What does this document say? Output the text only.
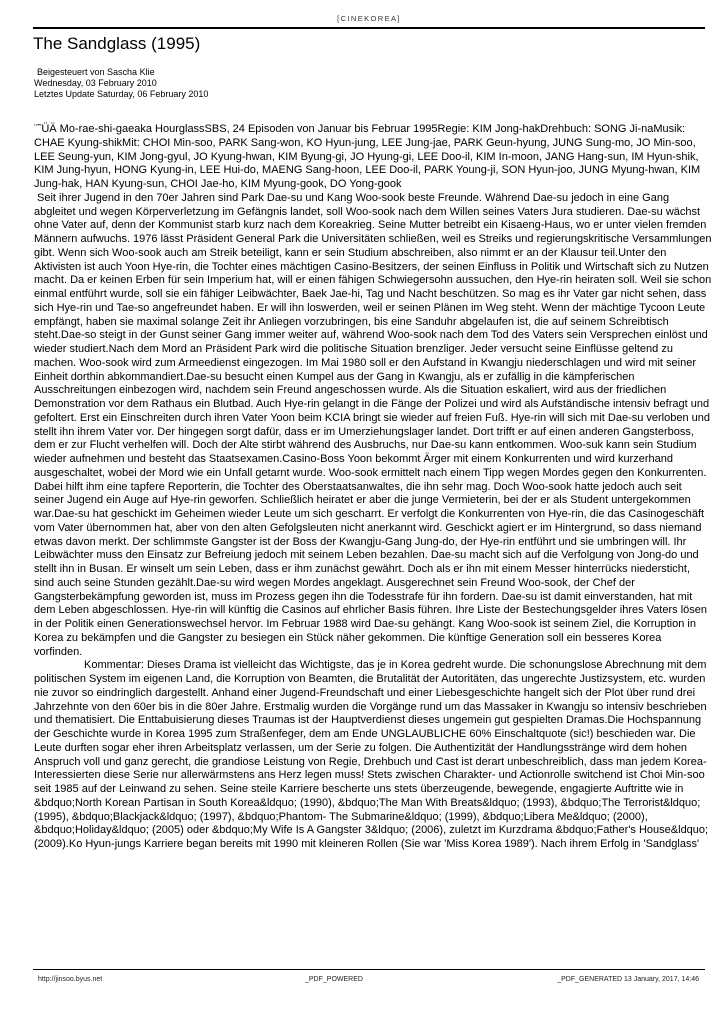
[CINEKOREA]
The Sandglass (1995)
Beigesteuert von Sascha Klie
Wednesday, 03 February 2010
Letztes Update Saturday, 06 February 2010

¨˜ÜÄ Mo-rae-shi-gaeaka HourglassSBS, 24 Episoden von Januar bis Februar 1995Regie: KIM Jong-hakDrehbuch: SONG Ji-naMusik: CHAE Kyung-shikMit: CHOI Min-soo, PARK Sang-won, KO Hyun-jung, LEE Jung-jae, PARK Geun-hyung, JUNG Sung-mo, JO Min-soo, LEE Seung-yun, KIM Jong-gyul, JO Kyung-hwan, KIM Byung-gi, JO Hyung-gi, LEE Doo-il, KIM In-moon, JANG Hang-sun, IM Hyun-shik, KIM Jung-hyun, HONG Kyung-in, LEE Hui-do, MAENG Sang-hoon, LEE Doo-il, PARK Young-ji, SON Hyun-joo, JUNG Myung-hwan, KIM Jung-hak, HAN Kyung-sun, CHOI Jae-ho, KIM Myung-gook, DO Yong-gook

Seit ihrer Jugend in den 70er Jahren sind Park Dae-su und Kang Woo-sook beste Freunde. Während Dae-su jedoch in eine Gang abgleitet und wegen Körperverletzung im Gefängnis landet, soll Woo-sook nach dem Willen seines Vaters Jura studieren. Dae-su wächst ohne Vater auf, denn der Kommunist starb kurz nach dem Koreakrieg. Seine Mutter betreibt ein Kisaeng-Haus, wo er unter vielen fremden Männern aufwuchs. 1976 lässt Präsident General Park die Universitäten schließen, weil es Streiks und regierungskritische Versammlungen gibt. Wenn sich Woo-sook auch am Streik beteiligt, kann er sein Studium abschreiben, also nimmt er an der Klausur teil.Unter den Aktivisten ist auch Yoon Hye-rin, die Tochter eines mächtigen Casino-Besitzers, der seinen Einfluss in Politik und Wirtschaft sich zu Nutzen macht. Da er keinen Erben für sein Imperium hat, will er einen fähigen Schwiegersohn aussuchen, den Hye-rin heiraten soll. Weil sie schon einmal entführt wurde, soll sie ein fähiger Leibwächter, Baek Jae-hi, Tag und Nacht beschützen. So mag es ihr Vater gar nicht sehen, dass sich Hye-rin und Tae-so angefreundet haben. Er will ihn loswerden, weil er seinen Plänen im Weg steht. Wenn der mächtige Tycoon Leute empfängt, haben sie maximal solange Zeit ihr Anliegen vorzubringen, bis eine Sanduhr abgelaufen ist, die auf seinem Schreibtisch steht.Dae-so steigt in der Gunst seiner Gang immer weiter auf, während Woo-sook nach dem Tod des Vaters sein Versprechen einlöst und wieder studiert.Nach dem Mord an Präsident Park wird die politische Situation brenzliger. Jeder versucht seine Einflüsse geltend zu machen. Woo-sook wird zum Armeedienst eingezogen. Im Mai 1980 soll er den Aufstand in Kwangju niederschlagen und wird mit seiner Einheit dorthin abkommandiert.Dae-su besucht einen Kumpel aus der Gang in Kwangju, als er zufällig in die kämpferischen Ausschreitungen einbezogen wird, nachdem sein Freund angeschossen wurde. Als die Situation eskaliert, wird aus der friedlichen Demonstration vor dem Rathaus ein Blutbad. Auch Hye-rin gelangt in die Fänge der Polizei und wird als Aufständische intensiv befragt und gefoltert. Erst ein Einschreiten durch ihren Vater Yoon beim KCIA bringt sie wieder auf freien Fuß. Hye-rin will sich mit Dae-su verloben und stellt ihn ihrem Vater vor. Der hingegen sorgt dafür, dass er im Umerziehungslager landet. Dort trifft er auf einen anderen Gangsterboss, dem er zur Flucht verhelfen will. Doch der Alte stirbt während des Ausbruchs, nur Dae-su kann entkommen. Woo-suk kann sein Studium wieder aufnehmen und besteht das Staatsexamen.Casino-Boss Yoon bekommt Ärger mit einem Konkurrenten und wird kurzerhand ausgeschaltet, wobei der Mord wie ein Unfall getarnt wurde. Woo-sook ermittelt nach einem Tipp wegen Mordes gegen den Konkurrenten. Dabei hilft ihm eine tapfere Reporterin, die Tochter des Oberstaatsanwaltes, die ihn sehr mag. Doch Woo-sook hatte jedoch auch seit seiner Jugend ein Auge auf Hye-rin geworfen. Schließlich heiratet er aber die junge Vermieterin, bei der er als Student untergekommen war.Dae-su hat geschickt im Geheimen wieder Leute um sich gescharrt. Er verfolgt die Konkurrenten von Hye-rin, die das Casinogeschäft vom Vater übernommen hat, aber von den alten Gefolgsleuten nicht anerkannt wird. Geschickt agiert er im Hintergrund, so dass niemand etwas davon merkt. Der schlimmste Gangster ist der Boss der Kwangju-Gang Jung-do, der Hye-rin entführt und sie umbringen will. Ihr Leibwächter muss den Einsatz zur Befreiung jedoch mit seinem Leben bezahlen. Dae-su macht sich auf die Verfolgung von Jong-do und stellt ihn in Busan. Er winselt um sein Leben, dass er ihm zunächst gewährt. Doch als er ihn mit einem Messer hinterrücks niedersticht, sind auch seine Stunden gezählt.Dae-su wird wegen Mordes angeklagt. Ausgerechnet sein Freund Woo-sook, der Chef der Gangsterbekämpfung geworden ist, muss im Prozess gegen ihn die Todesstrafe für ihn fordern. Dae-su ist damit einverstanden, hat mit dem Leben abgeschlossen. Hye-rin will künftig die Casinos auf ehrlicher Basis führen. Ihre Liste der Bestechungsgelder ihres Vaters lösen in der Politik einen Generationswechsel hervor. Im Februar 1988 wird Dae-su gehängt. Kang Woo-sook ist seinem Ziel, die Korruption in Korea zu bekämpfen und die Gangster zu besiegen ein Stück näher gekommen. Die künftige Generation soll ein besseres Korea vorfinden.

Kommentar: Dieses Drama ist vielleicht das Wichtigste, das je in Korea gedreht wurde. Die schonungslose Abrechnung mit dem politischen System im eigenen Land, die Korruption von Beamten, die Brutalität der Autoritäten, das ungerechte Justizsystem, etc. wurden nie zuvor so eindringlich dargestellt. Anhand einer Jugend-Freundschaft und einer Liebesgeschichte hangelt sich der Plot über rund drei Jahrzehnte von den 60er bis in die 80er Jahre. Erstmalig wurden die Vorgänge rund um das Massaker in Kwangju so intensiv beschrieben und thematisiert. Die Enttabuisierung dieses Traumas ist der Hauptverdienst dieses ungemein gut gespielten Dramas.Die Hochspannung der Geschichte wurde in Korea 1995 zum Straßenfeger, dem am Ende UNGLAUBLICHE 60% Einschaltquote (sic!) beschieden war. Die Leute durften sogar eher ihren Arbeitsplatz verlassen, um der Serie zu folgen. Die Authentizität der Handlungsstränge wird dem hohen Anspruch voll und ganz gerecht, die grandiose Leistung von Regie, Drehbuch und Cast ist derart unbeschreiblich, dass man jedem Korea-Interessierten diese Serie nur allerwärmstens ans Herz legen muss! Stets zwischen Charakter- und Actionrolle switchend ist Choi Min-soo seit 1985 auf der Leinwand zu sehen. Seine steile Karriere bescherte uns stets überzeugende, bewegende, engagierte Auftritte wie in &bdquo;North Korean Partisan in South Korea&ldquo; (1990), &bdquo;The Man With Breats&ldquo; (1993), &bdquo;The Terrorist&ldquo; (1995), &bdquo;Blackjack&ldquo; (1997), &bdquo;Phantom- The Submarine&ldquo; (1999), &bdquo;Libera Me&ldquo; (2000), &bdquo;Holiday&ldquo; (2005) oder &bdquo;My Wife Is A Gangster 3&ldquo; (2006), zuletzt im Kurzdrama &bdquo;Father's House&ldquo; (2009).Ko Hyun-jungs Karriere began bereits mit 1990 mit kleineren Rollen (Sie war 'Miss Korea 1989'). Nach ihrem Erfolg in 'Sandglass'

http://jinsoo.byus.net	_PDF_POWERED	_PDF_GENERATED 13 January, 2017, 14:46
